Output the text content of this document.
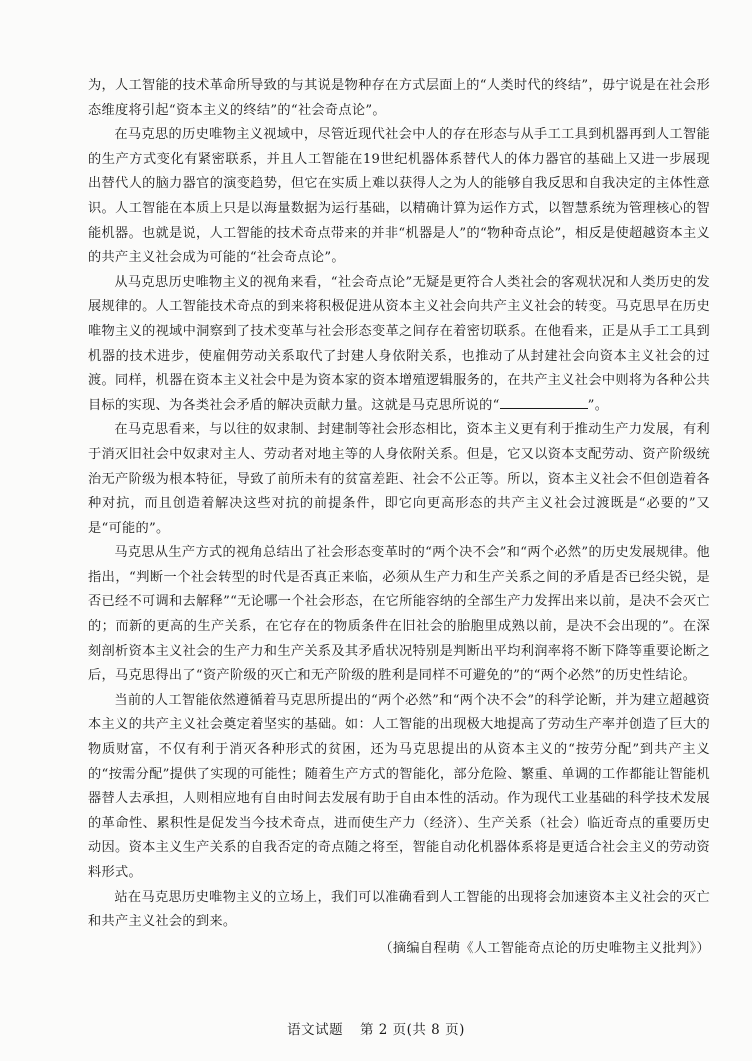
为，人工智能的技术革命所导致的与其说是物种存在方式层面上的“人类时代的终结”，毋宁说是在社会形态维度将引起“资本主义的终结”的“社会奇点论”。

在马克思的历史唯物主义视域中，尽管近现代社会中人的存在形态与从手工工具到机器再到人工智能的生产方式变化有紧密联系，并且人工智能在19世纪机器体系替代人的体力器官的基础上又进一步展现出替代人的脑力器官的演变趋势，但它在实质上难以获得人之为人的能够自我反思和自我决定的主体性意识。人工智能在本质上只是以海量数据为运行基础，以精确计算为运作方式，以智慧系统为管理核心的智能机器。也就是说，人工智能的技术奇点带来的并非“机器是人”的“物种奇点论”，相反是使超越资本主义的共产主义社会成为可能的“社会奇点论”。

从马克思历史唯物主义的视角来看，“社会奇点论”无疑是更符合人类社会的客观状况和人类历史的发展规律的。人工智能技术奇点的到来将积极促进从资本主义社会向共产主义社会的转变。马克思早在历史唯物主义的视域中洞察到了技术变革与社会形态变革之间存在着密切联系。在他看来，正是从手工工具到机器的技术进步，使雇佣劳动关系取代了封建人身依附关系，也推动了从封建社会向资本主义社会的过渡。同样，机器在资本主义社会中是为资本家的资本增殖逻辑服务的，在共产主义社会中则将为各种公共目标的实现、为各类社会矛盾的解决贡献力量。这就是马克思所说的“	”。

在马克思看来，与以往的奴隶制、封建制等社会形态相比，资本主义更有利于推动生产力发展，有利于消灭旧社会中奴隶对主人、劳动者对地主等的人身依附关系。但是，它又以资本支配劳动、资产阶级统治无产阶级为根本特征，导致了前所未有的贫富差距、社会不公正等。所以，资本主义社会不但创造着各种对抗，而且创造着解决这些对抗的前提条件，即它向更高形态的共产主义社会过渡既是“必要的”又是“可能的”。

马克思从生产方式的视角总结出了社会形态变革时的“两个决不会”和“两个必然”的历史发展规律。他指出，“判断一个社会转型的时代是否真正来临，必须从生产力和生产关系之间的矛盾是否已经尖锐，是否已经不可调和去解释”“无论哪一个社会形态，在它所能容纳的全部生产力发挥出来以前，是决不会灭亡的；而新的更高的生产关系，在它存在的物质条件在旧社会的胎胞里成熟以前，是决不会出现的”。在深刻剖析资本主义社会的生产力和生产关系及其矛盾状况特别是判断出平均利润率将不断下降等重要论断之后，马克思得出了“资产阶级的灭亡和无产阶级的胜利是同样不可避免的”的“两个必然”的历史性结论。

当前的人工智能依然遵循着马克思所提出的“两个必然”和“两个决不会”的科学论断，并为建立超越资本主义的共产主义社会奠定着坚实的基础。如：人工智能的出现极大地提高了劳动生产率并创造了巨大的物质财富，不仅有利于消灭各种形式的贫困，还为马克思提出的从资本主义的“按劳分配”到共产主义的“按需分配”提供了实现的可能性；随着生产方式的智能化，部分危险、繁重、单调的工作都能让智能机器替人去承担，人则相应地有自由时间去发展有助于自由本性的活动。作为现代工业基础的科学技术发展的革命性、累积性是促发当今技术奇点，进而使生产力（经济）、生产关系（社会）临近奇点的重要历史动因。资本主义生产关系的自我否定的奇点随之将至，智能自动化机器体系将是更适合社会主义的劳动资料形式。

站在马克思历史唯物主义的立场上，我们可以准确看到人工智能的出现将会加速资本主义社会的灭亡和共产主义社会的到来。

（摘编自程萌《人工智能奇点论的历史唯物主义批判》）

语文试题 第 2 页(共 8 页)
